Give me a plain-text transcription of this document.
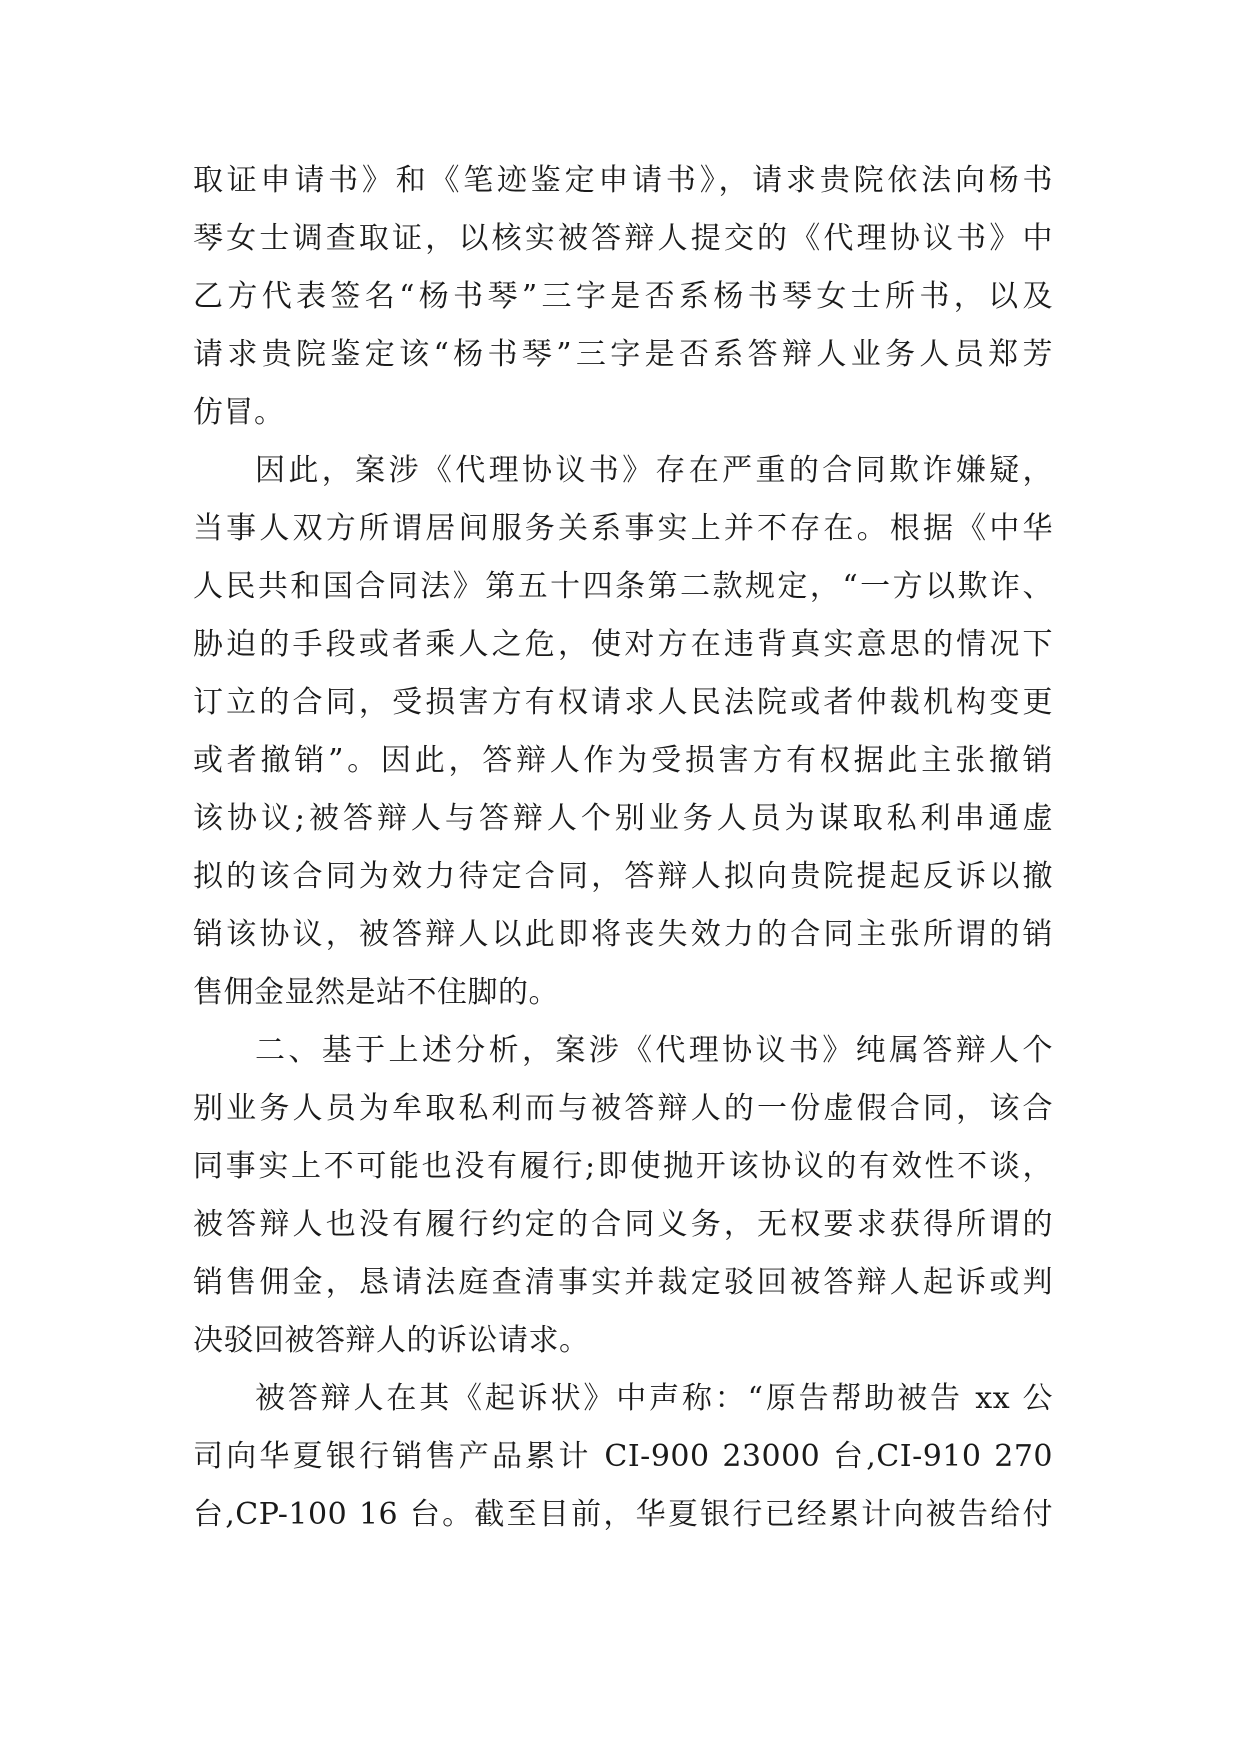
取证申请书》和《笔迹鉴定申请书》，请求贵院依法向杨书
琴女士调查取证，以核实被答辩人提交的《代理协议书》中
乙方代表签名“杨书琴”三字是否系杨书琴女士所书，以及
请求贵院鉴定该“杨书琴”三字是否系答辩人业务人员郑芳
仿冒。
因此，案涉《代理协议书》存在严重的合同欺诈嫌疑，
当事人双方所谓居间服务关系事实上并不存在。根据《中华
人民共和国合同法》第五十四条第二款规定，“一方以欺诈、
胁迫的手段或者乘人之危，使对方在违背真实意思的情况下
订立的合同，受损害方有权请求人民法院或者仲裁机构变更
或者撤销”。因此，答辩人作为受损害方有权据此主张撤销
该协议;被答辩人与答辩人个别业务人员为谋取私利串通虚
拟的该合同为效力待定合同，答辩人拟向贵院提起反诉以撤
销该协议，被答辩人以此即将丧失效力的合同主张所谓的销
售佣金显然是站不住脚的。
二、基于上述分析，案涉《代理协议书》纯属答辩人个
别业务人员为牟取私利而与被答辩人的一份虚假合同，该合
同事实上不可能也没有履行;即使抛开该协议的有效性不谈，
被答辩人也没有履行约定的合同义务，无权要求获得所谓的
销售佣金，恳请法庭查清事实并裁定驳回被答辩人起诉或判
决驳回被答辩人的诉讼请求。
被答辩人在其《起诉状》中声称：“原告帮助被告 xx 公
司向华夏银行销售产品累计 CI-900 23000 台,CI-910 270
台,CP-100 16 台。截至目前，华夏银行已经累计向被告给付
